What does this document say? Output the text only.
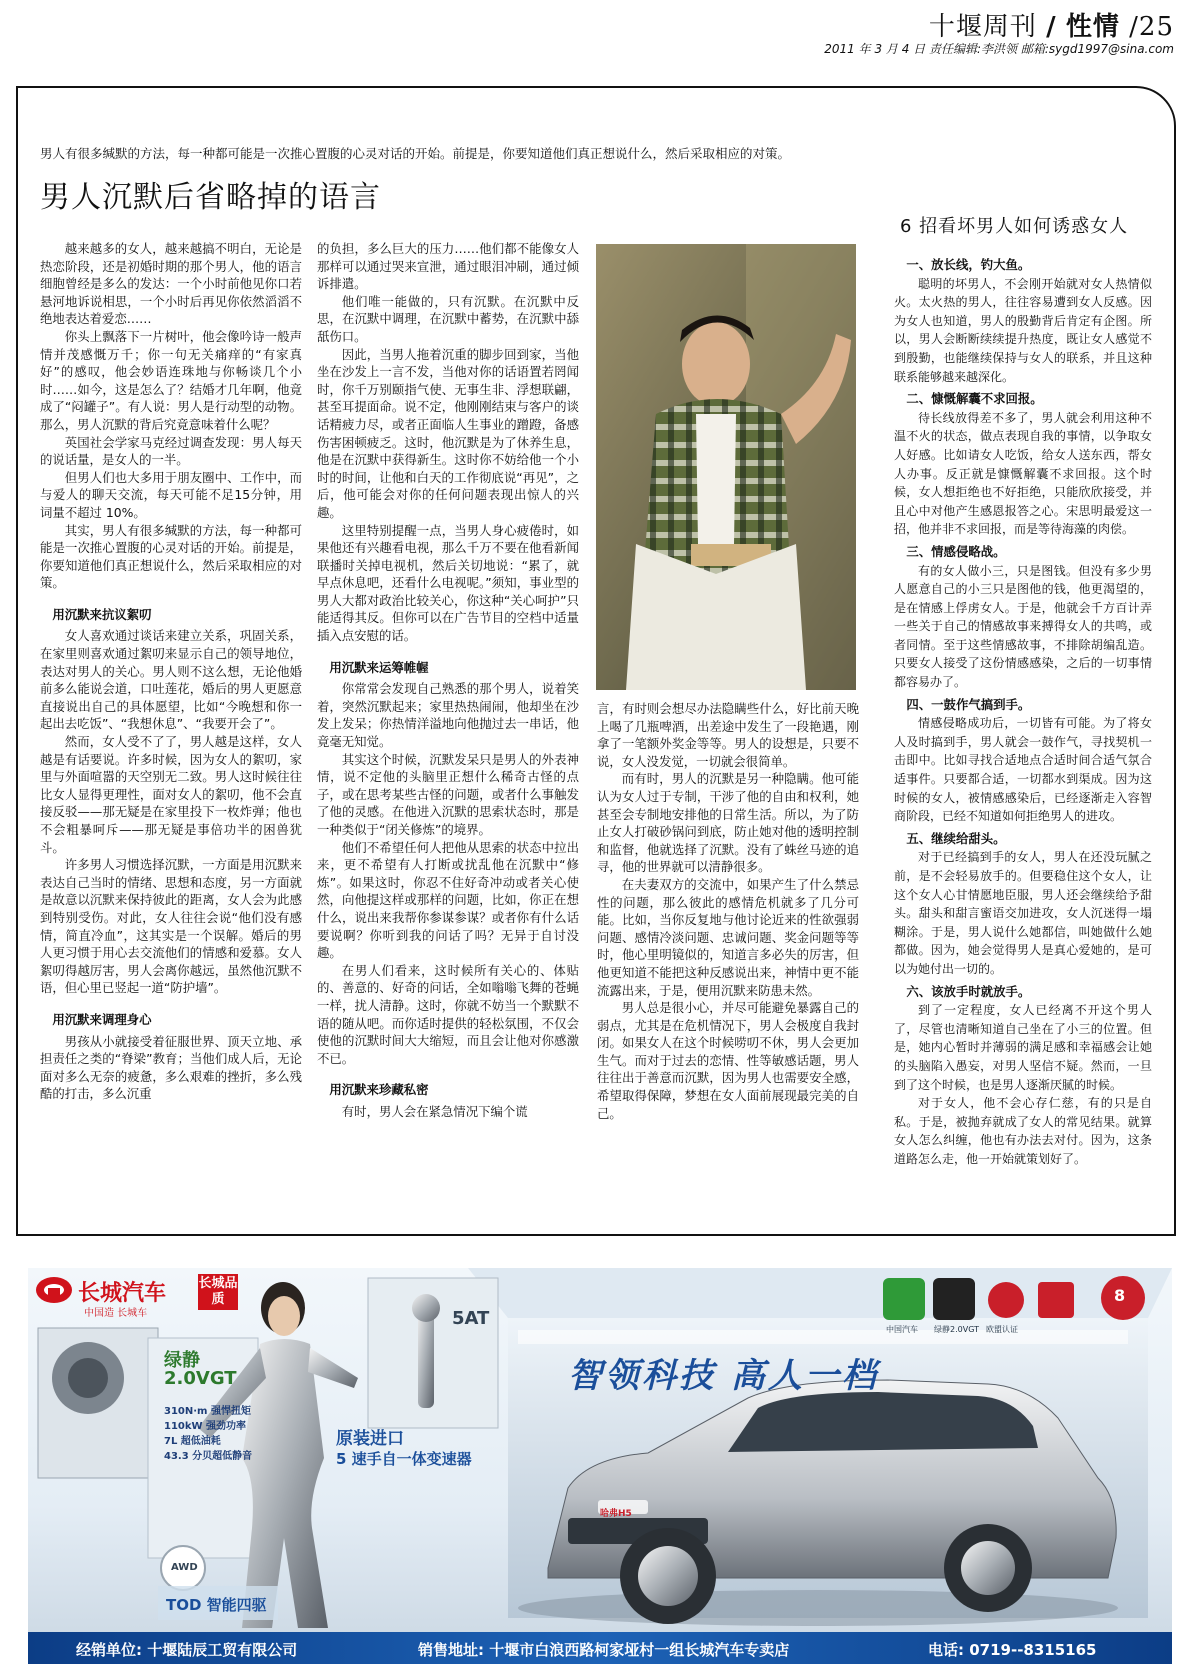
十堰周刊 / 性情 /25
2011 年 3 月 4 日 责任编辑:李洪领 邮箱:sygd1997@sina.com
男人有很多缄默的方法，每一种都可能是一次推心置腹的心灵对话的开始。前提是，你要知道他们真正想说什么，然后采取相应的对策。
男人沉默后省略掉的语言

越来越多的女人，越来越搞不明白，无论是热恋阶段，还是初婚时期的那个男人，他的语言细胞曾经是多么的发达：一个小时前他见你口若悬河地诉说相思，一个小时后再见你依然滔滔不绝地表达着爱恋……

你头上飘落下一片树叶，他会像吟诗一般声情并茂感慨万千；你一句无关痛痒的“有家真好”的感叹，他会妙语连珠地与你畅谈几个小时……如今，这是怎么了？结婚才几年啊，他竟成了“闷罐子”。有人说：男人是行动型的动物。那么，男人沉默的背后究竟意味着什么呢？

英国社会学家马克经过调查发现：男人每天的说话量，是女人的一半。

但男人们也大多用于朋友圈中、工作中，而与爱人的聊天交流，每天可能不足15分钟，用词量不超过 10%。

其实，男人有很多缄默的方法，每一种都可能是一次推心置腹的心灵对话的开始。前提是，你要知道他们真正想说什么，然后采取相应的对策。

用沉默来抗议絮叨

女人喜欢通过谈话来建立关系，巩固关系，在家里则喜欢通过絮叨来显示自己的领导地位，表达对男人的关心。男人则不这么想，无论他婚前多么能说会道，口吐莲花，婚后的男人更愿意直接说出自己的具体愿望，比如“今晚想和你一起出去吃饭”、“我想休息”、“我要开会了”。

然而，女人受不了了，男人越是这样，女人越是有话要说。许多时候，因为女人的絮叨，家里与外面喧嚣的天空别无二致。男人这时候往往比女人显得更理性，面对女人的絮叨，他不会直接反驳——那无疑是在家里投下一枚炸弹；他也不会粗暴呵斥——那无疑是事倍功半的困兽犹斗。

许多男人习惯选择沉默，一方面是用沉默来表达自己当时的情绪、思想和态度，另一方面就是故意以沉默来保持彼此的距离，女人会为此感到特别受伤。对此，女人往往会说“他们没有感情，简直冷血”，这其实是一个误解。婚后的男人更习惯于用心去交流他们的情感和爱慕。女人絮叨得越厉害，男人会离你越远，虽然他沉默不语，但心里已竖起一道“防护墙”。

用沉默来调理身心

男孩从小就接受着征服世界、顶天立地、承担责任之类的“脊梁”教育；当他们成人后，无论面对多么无奈的疲惫，多么艰难的挫折，多么残酷的打击，多么沉重

的负担，多么巨大的压力……他们都不能像女人那样可以通过哭来宣泄，通过眼泪冲刷，通过倾诉排遣。

他们唯一能做的，只有沉默。在沉默中反思，在沉默中调理，在沉默中蓄势，在沉默中舔舐伤口。

因此，当男人拖着沉重的脚步回到家，当他坐在沙发上一言不发，当他对你的话语置若罔闻时，你千万别颐指气使、无事生非、浮想联翩，甚至耳提面命。说不定，他刚刚结束与客户的谈话精疲力尽，或者正面临人生事业的蹭蹬，备感伤害困顿疲乏。这时，他沉默是为了休养生息，他是在沉默中获得新生。这时你不妨给他一个小时的时间，让他和白天的工作彻底说“再见”，之后，他可能会对你的任何问题表现出惊人的兴趣。

这里特别提醒一点，当男人身心疲倦时，如果他还有兴趣看电视，那么千万不要在他看新闻联播时关掉电视机，然后关切地说：“累了，就早点休息吧，还看什么电视呢。”须知，事业型的男人大都对政治比较关心，你这种“关心呵护”只能适得其反。但你可以在广告节目的空档中适量插入点安慰的话。

用沉默来运筹帷幄

你常常会发现自己熟悉的那个男人，说着笑着，突然沉默起来；家里热热闹闹，他却坐在沙发上发呆；你热情洋溢地向他抛过去一串话，他竟毫无知觉。

其实这个时候，沉默发呆只是男人的外表神情，说不定他的头脑里正想什么稀奇古怪的点子，或在思考某些古怪的问题，或者什么事触发了他的灵感。在他进入沉默的思索状态时，那是一种类似于“闭关修炼”的境界。

他们不希望任何人把他从思索的状态中拉出来，更不希望有人打断或扰乱他在沉默中“修炼”。如果这时，你忍不住好奇冲动或者关心使然，向他提这样或那样的问题，比如，你正在想什么，说出来我帮你参谋参谋？或者你有什么话要说啊？你听到我的问话了吗？无异于自讨没趣。

在男人们看来，这时候所有关心的、体贴的、善意的、好奇的问话，全如嗡嗡飞舞的苍蝇一样，扰人清静。这时，你就不妨当一个默默不语的随从吧。而你适时提供的轻松氛围，不仅会使他的沉默时间大大缩短，而且会让他对你感激不已。

用沉默来珍藏私密

有时，男人会在紧急情况下编个谎

言，有时则会想尽办法隐瞒些什么，好比前天晚上喝了几瓶啤酒，出差途中发生了一段艳遇，刚拿了一笔额外奖金等等。男人的设想是，只要不说，女人没发觉，一切就会很简单。

而有时，男人的沉默是另一种隐瞒。他可能认为女人过于专制，干涉了他的自由和权利，她甚至会专制地安排他的日常生活。所以，为了防止女人打破砂锅问到底，防止她对他的透明控制和监督，他就选择了沉默。没有了蛛丝马迹的追寻，他的世界就可以清静很多。

在夫妻双方的交流中，如果产生了什么禁忌性的问题，那么彼此的感情危机就多了几分可能。比如，当你反复地与他讨论近来的性欲强弱问题、感情冷淡问题、忠诚问题、奖金问题等等时，他心里明镜似的，知道言多必失的厉害，但他更知道不能把这种反感说出来，神情中更不能流露出来，于是，便用沉默来防患未然。

男人总是很小心，并尽可能避免暴露自己的弱点，尤其是在危机情况下，男人会极度自我封闭。如果女人在这个时候唠叨不休，男人会更加生气。而对于过去的恋情、性等敏感话题，男人往往出于善意而沉默，因为男人也需要安全感，希望取得保障，梦想在女人面前展现最完美的自己。

6 招看坏男人如何诱惑女人
一、放长线，钓大鱼。

聪明的坏男人，不会刚开始就对女人热情似火。太火热的男人，往往容易遭到女人反感。因为女人也知道，男人的殷勤背后肯定有企图。所以，男人会断断续续提升热度，既让女人感觉不到殷勤，也能继续保持与女人的联系，并且这种联系能够越来越深化。

二、慷慨解囊不求回报。

待长线放得差不多了，男人就会利用这种不温不火的状态，做点表现自我的事情，以争取女人好感。比如请女人吃饭，给女人送东西，帮女人办事。反正就是慷慨解囊不求回报。这个时候，女人想拒绝也不好拒绝，只能欣欣接受，并且心中对他产生感恩报答之心。宋思明最爱这一招，他并非不求回报，而是等待海藻的肉偿。

三、情感侵略战。

有的女人做小三，只是图钱。但没有多少男人愿意自己的小三只是图他的钱，他更渴望的，是在情感上俘虏女人。于是，他就会千方百计弄一些关于自己的情感故事来搏得女人的共鸣，或者同情。至于这些情感故事，不排除胡编乱造。只要女人接受了这份情感感染，之后的一切事情都容易办了。

四、一鼓作气搞到手。

情感侵略成功后，一切皆有可能。为了将女人及时搞到手，男人就会一鼓作气，寻找契机一击即中。比如寻找合适地点合适时间合适气氛合适事件。只要都合适，一切都水到渠成。因为这时候的女人，被情感感染后，已经逐渐走入容智商阶段，已经不知道如何拒绝男人的进攻。

五、继续给甜头。

对于已经搞到手的女人，男人在还没玩腻之前，是不会轻易放手的。但要稳住这个女人，让这个女人心甘情愿地臣服，男人还会继续给予甜头。甜头和甜言蜜语交加进攻，女人沉迷得一塌糊涂。于是，男人说什么她都信，叫她做什么她都做。因为，她会觉得男人是真心爱她的，是可以为她付出一切的。

六、该放手时就放手。

到了一定程度，女人已经离不开这个男人了，尽管也清晰知道自己坐在了小三的位置。但是，她内心暂时并薄弱的满足感和幸福感会让她的头脑陷入愚妄，对男人坚信不疑。然而，一旦到了这个时候，也是男人逐渐厌腻的时候。

对于女人，他不会心存仁慈，有的只是自私。于是，被抛弃就成了女人的常见结果。就算女人怎么纠缠，他也有办法去对付。因为，这条道路怎么走，他一开始就策划好了。

长城汽车
中国造 长城车
长城品质
绿静
2.0VGT
310N·m 强悍扭矩
110kW 强劲功率
7L 超低油耗
43.3 分贝超低静音
5AT
原装进口
5 速手自一体变速器
智领科技 高人一档
AWD
TOD 智能四驱
哈弗H5
中国汽车 绿静2.0VGT 欧盟认证
8
经销单位: 十堰陆辰工贸有限公司	销售地址: 十堰市白浪西路柯家垭村一组长城汽车专卖店	电话: 0719--8315165
